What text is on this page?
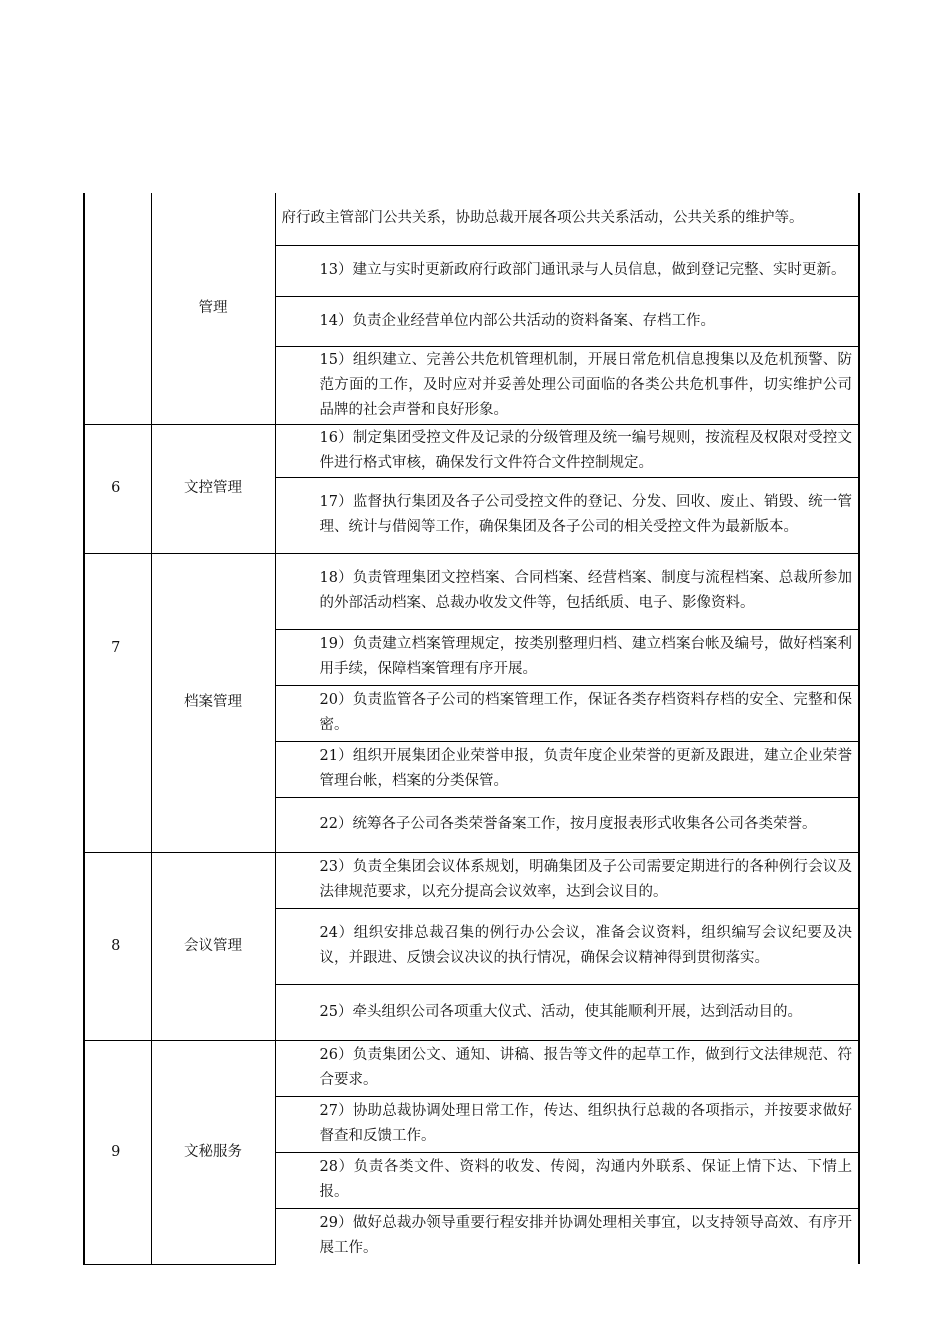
	管理	府行政主管部门公共关系，协助总裁开展各项公共关系活动，公共关系的维护等。

		13）建立与实时更新政府行政部门通讯录与人员信息，做到登记完整、实时更新。

		14）负责企业经营单位内部公共活动的资料备案、存档工作。

		15）组织建立、完善公共危机管理机制，开展日常危机信息搜集以及危机预警、防范方面的工作，及时应对并妥善处理公司面临的各类公共危机事件，切实维护公司品牌的社会声誉和良好形象。

6	文控管理	16）制定集团受控文件及记录的分级管理及统一编号规则，按流程及权限对受控文件进行格式审核，确保发行文件符合文件控制规定。

		17）监督执行集团及各子公司受控文件的登记、分发、回收、废止、销毁、统一管理、统计与借阅等工作，确保集团及各子公司的相关受控文件为最新版本。

7	档案管理	18）负责管理集团文控档案、合同档案、经营档案、制度与流程档案、总裁所参加的外部活动档案、总裁办收发文件等，包括纸质、电子、影像资料。

		19）负责建立档案管理规定，按类别整理归档、建立档案台帐及编号，做好档案利用手续，保障档案管理有序开展。

		20）负责监管各子公司的档案管理工作，保证各类存档资料存档的安全、完整和保密。

		21）组织开展集团企业荣誉申报，负责年度企业荣誉的更新及跟进，建立企业荣誉管理台帐，档案的分类保管。

		22）统筹各子公司各类荣誉备案工作，按月度报表形式收集各公司各类荣誉。

8	会议管理	23）负责全集团会议体系规划，明确集团及子公司需要定期进行的各种例行会议及法律规范要求，以充分提高会议效率，达到会议目的。

		24）组织安排总裁召集的例行办公会议，准备会议资料，组织编写会议纪要及决议，并跟进、反馈会议决议的执行情况，确保会议精神得到贯彻落实。

		25）牵头组织公司各项重大仪式、活动，使其能顺利开展，达到活动目的。

9	文秘服务	26）负责集团公文、通知、讲稿、报告等文件的起草工作，做到行文法律规范、符合要求。

		27）协助总裁协调处理日常工作，传达、组织执行总裁的各项指示，并按要求做好督查和反馈工作。

		28）负责各类文件、资料的收发、传阅，沟通内外联系、保证上情下达、下情上报。

		29）做好总裁办领导重要行程安排并协调处理相关事宜，以支持领导高效、有序开展工作。
